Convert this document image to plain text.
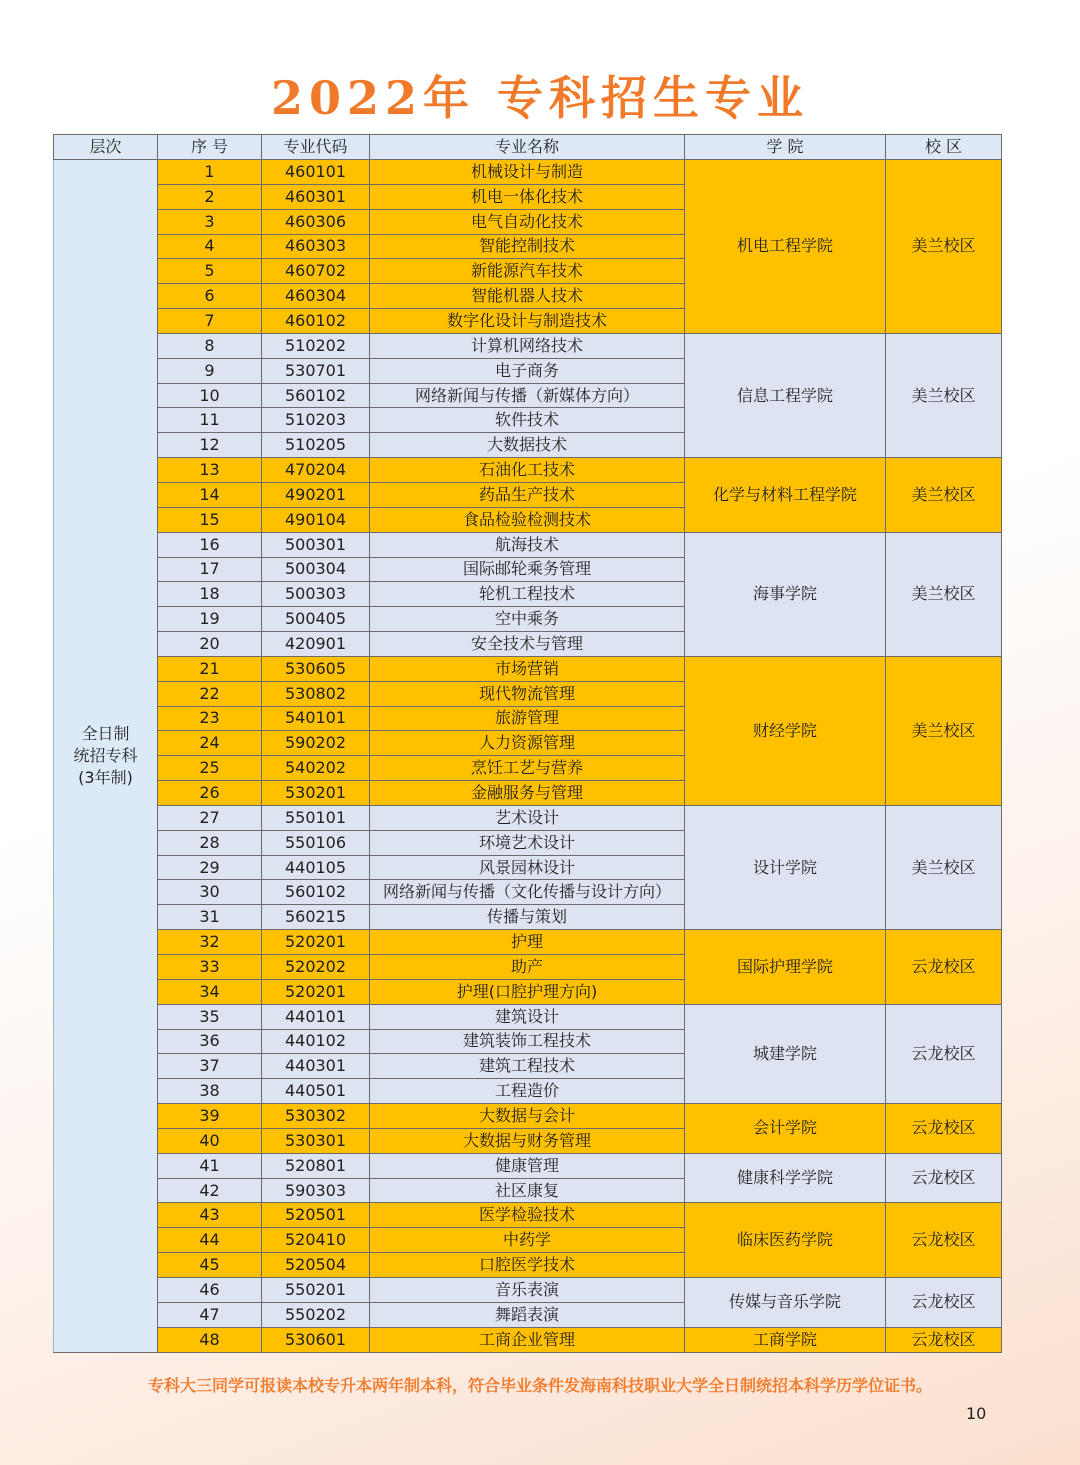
2022年 专科招生专业
层次	序 号	专业代码	专业名称	学 院	校 区
全日制
统招专科
(3年制)	1	460101	机械设计与制造	机电工程学院	美兰校区
	2	460301	机电一体化技术		
	3	460306	电气自动化技术		
	4	460303	智能控制技术		
	5	460702	新能源汽车技术		
	6	460304	智能机器人技术		
	7	460102	数字化设计与制造技术		
	8	510202	计算机网络技术	信息工程学院	美兰校区
	9	530701	电子商务		
	10	560102	网络新闻与传播（新媒体方向）		
	11	510203	软件技术		
	12	510205	大数据技术		
	13	470204	石油化工技术	化学与材料工程学院	美兰校区
	14	490201	药品生产技术		
	15	490104	食品检验检测技术		
	16	500301	航海技术	海事学院	美兰校区
	17	500304	国际邮轮乘务管理		
	18	500303	轮机工程技术		
	19	500405	空中乘务		
	20	420901	安全技术与管理		
	21	530605	市场营销	财经学院	美兰校区
	22	530802	现代物流管理		
	23	540101	旅游管理		
	24	590202	人力资源管理		
	25	540202	烹饪工艺与营养		
	26	530201	金融服务与管理		
	27	550101	艺术设计	设计学院	美兰校区
	28	550106	环境艺术设计		
	29	440105	风景园林设计		
	30	560102	网络新闻与传播（文化传播与设计方向）		
	31	560215	传播与策划		
	32	520201	护理	国际护理学院	云龙校区
	33	520202	助产		
	34	520201	护理(口腔护理方向)		
	35	440101	建筑设计	城建学院	云龙校区
	36	440102	建筑装饰工程技术		
	37	440301	建筑工程技术		
	38	440501	工程造价		
	39	530302	大数据与会计	会计学院	云龙校区
	40	530301	大数据与财务管理		
	41	520801	健康管理	健康科学学院	云龙校区
	42	590303	社区康复		
	43	520501	医学检验技术	临床医药学院	云龙校区
	44	520410	中药学		
	45	520504	口腔医学技术		
	46	550201	音乐表演	传媒与音乐学院	云龙校区
	47	550202	舞蹈表演		
	48	530601	工商企业管理	工商学院	云龙校区
专科大三同学可报读本校专升本两年制本科，符合毕业条件发海南科技职业大学全日制统招本科学历学位证书。
10
